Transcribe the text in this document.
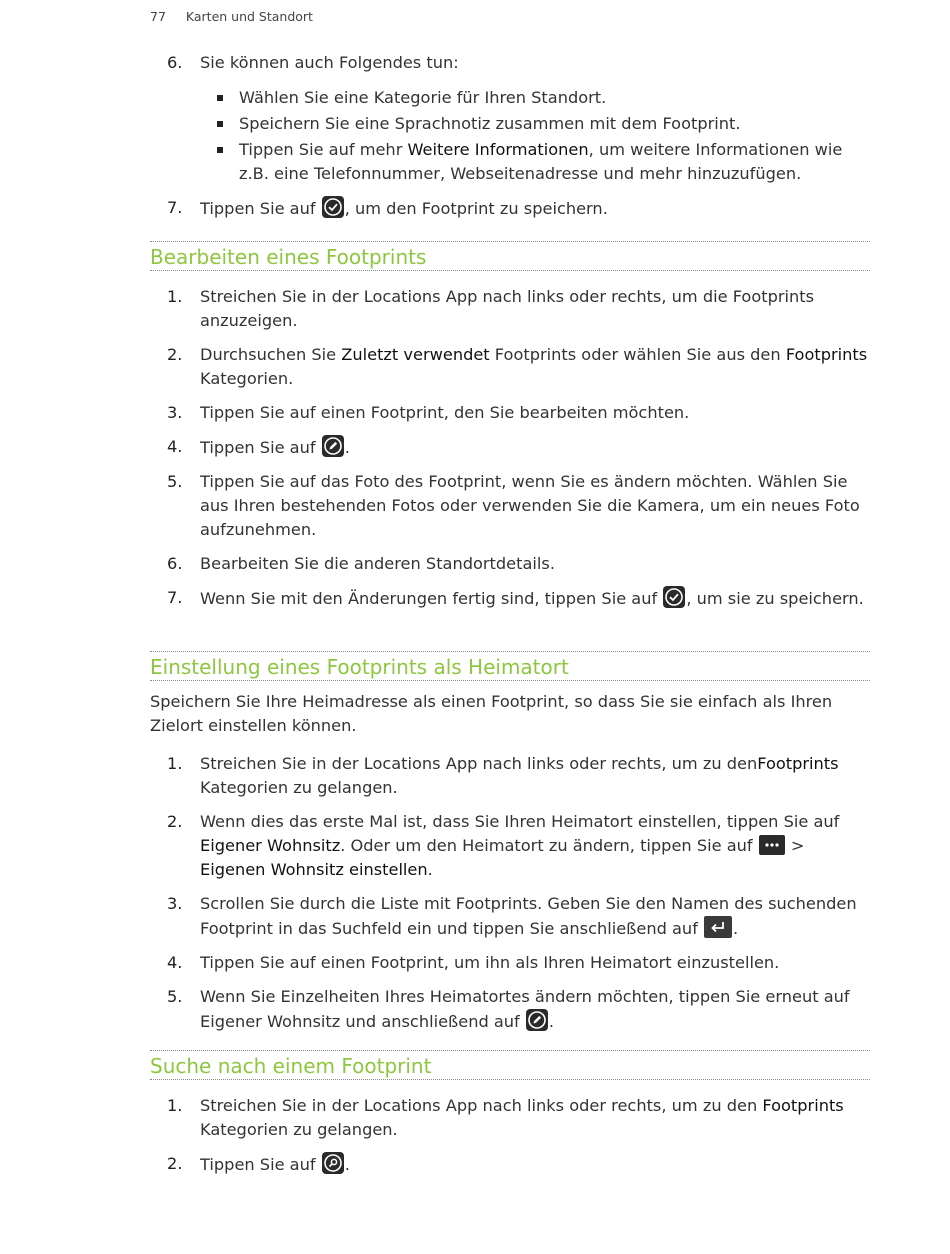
77 Karten und Standort
6. Sie können auch Folgendes tun:
Wählen Sie eine Kategorie für Ihren Standort.
Speichern Sie eine Sprachnotiz zusammen mit dem Footprint.
Tippen Sie auf mehr Weitere Informationen, um weitere Informationen wie z.B. eine Telefonnummer, Webseitenadresse und mehr hinzuzufügen.
7. Tippen Sie auf
, um den Footprint zu speichern.
Bearbeiten eines Footprints
1. Streichen Sie in der Locations App nach links oder rechts, um die Footprints anzuzeigen.
2. Durchsuchen Sie Zuletzt verwendet Footprints oder wählen Sie aus den Footprints Kategorien.
3. Tippen Sie auf einen Footprint, den Sie bearbeiten möchten.
4. Tippen Sie auf
.
5. Tippen Sie auf das Foto des Footprint, wenn Sie es ändern möchten. Wählen Sie aus Ihren bestehenden Fotos oder verwenden Sie die Kamera, um ein neues Foto aufzunehmen.
6. Bearbeiten Sie die anderen Standortdetails.
7. Wenn Sie mit den Änderungen fertig sind, tippen Sie auf
, um sie zu speichern.
Einstellung eines Footprints als Heimatort
Speichern Sie Ihre Heimadresse als einen Footprint, so dass Sie sie einfach als Ihren Zielort einstellen können.
1. Streichen Sie in der Locations App nach links oder rechts, um zu denFootprints Kategorien zu gelangen.
2. Wenn dies das erste Mal ist, dass Sie Ihren Heimatort einstellen, tippen Sie auf Eigener Wohnsitz. Oder um den Heimatort zu ändern, tippen Sie auf
> Eigenen Wohnsitz einstellen.
3. Scrollen Sie durch die Liste mit Footprints. Geben Sie den Namen des suchenden Footprint in das Suchfeld ein und tippen Sie anschließend auf
.
4. Tippen Sie auf einen Footprint, um ihn als Ihren Heimatort einzustellen.
5. Wenn Sie Einzelheiten Ihres Heimatortes ändern möchten, tippen Sie erneut auf Eigener Wohnsitz und anschließend auf
.
Suche nach einem Footprint
1. Streichen Sie in der Locations App nach links oder rechts, um zu den Footprints Kategorien zu gelangen.
2. Tippen Sie auf
.
